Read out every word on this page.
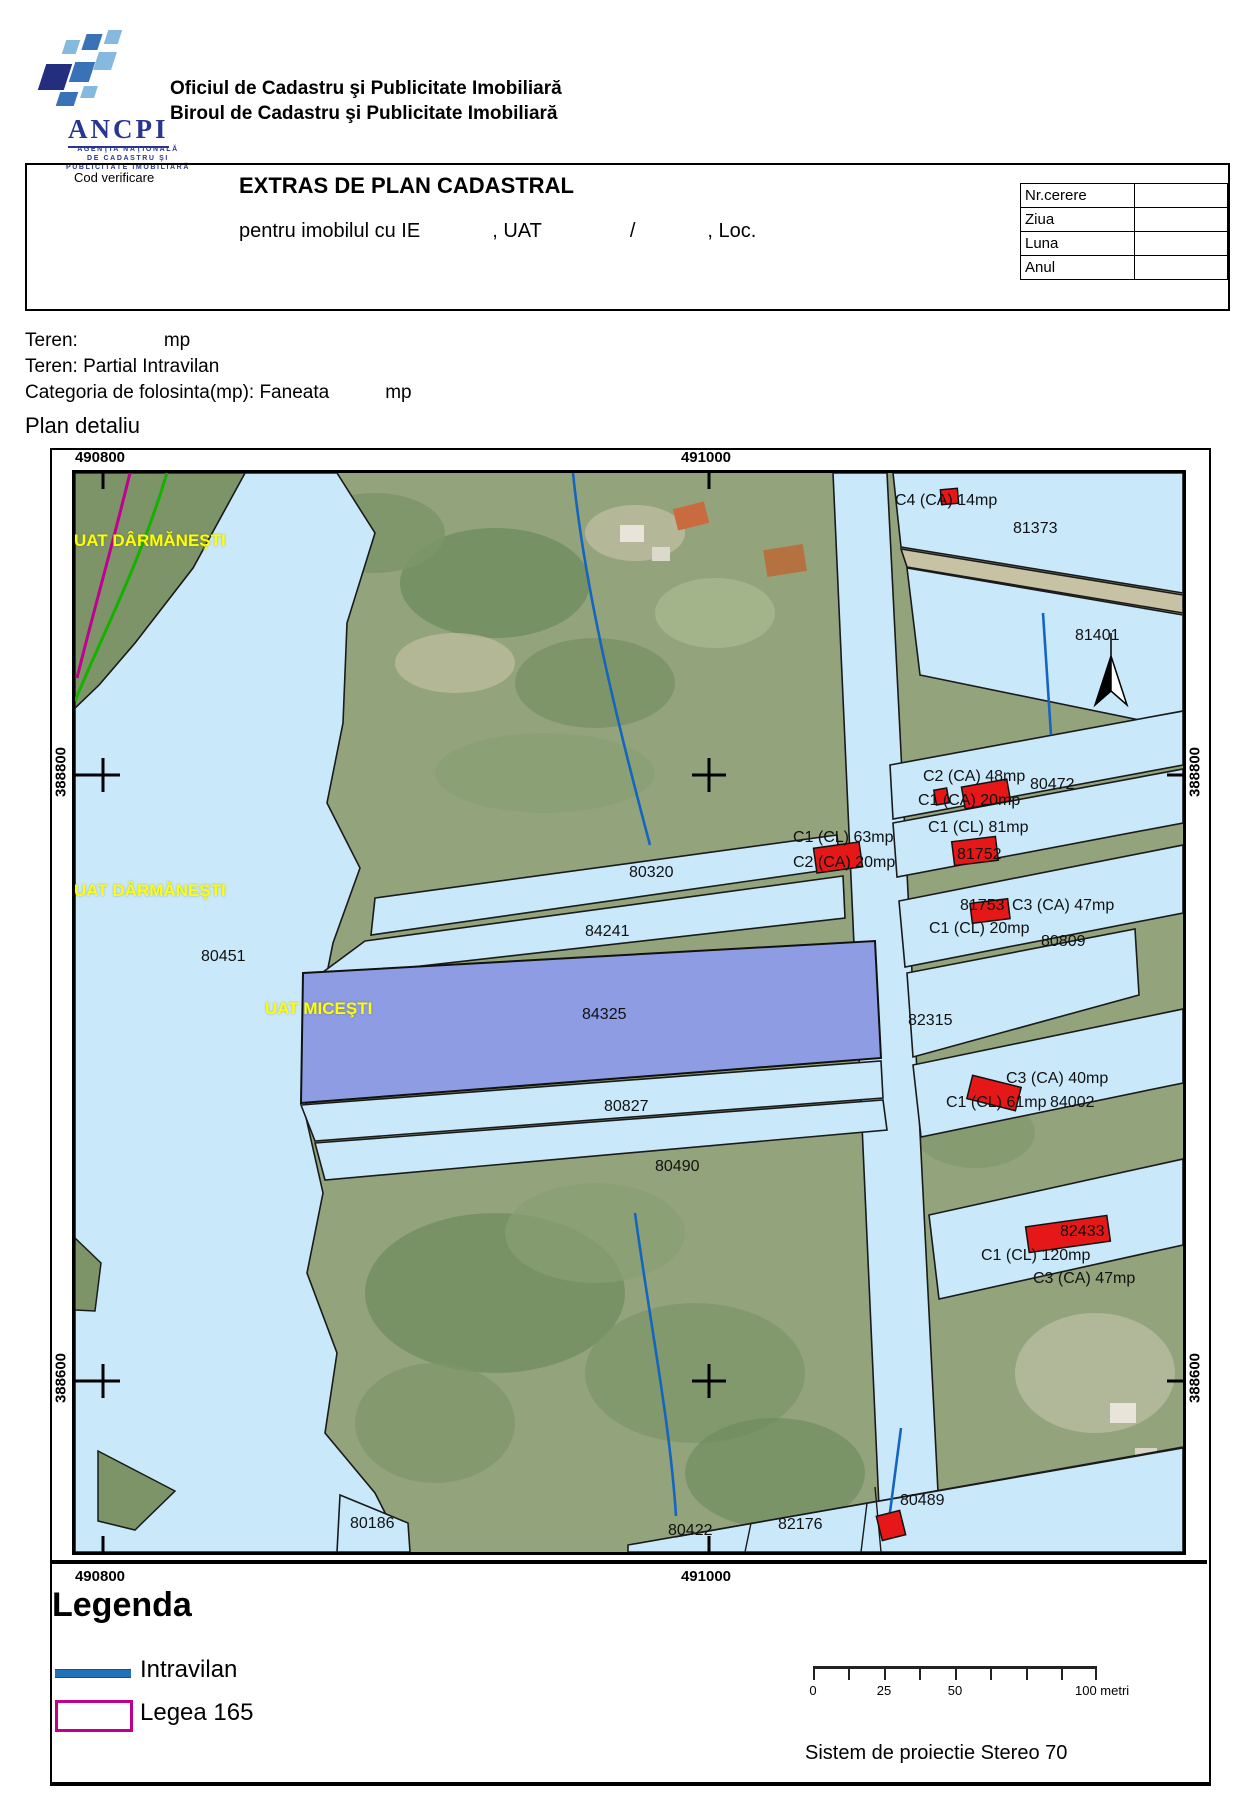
ANCPI
AGENŢIA NAŢIONALĂ
DE CADASTRU ŞI
PUBLICITATE IMOBILIARĂ
Oficiul de Cadastru şi Publicitate Imobiliară
Biroul de Cadastru şi Publicitate Imobiliară
Cod verificare	EXTRAS DE PLAN CADASTRAL
pentru imobilul cu IE	, UAT	/	, Loc.
Nr.cerere	
Ziua	
Luna	
Anul	
Teren:	mp
Teren: Partial Intravilan
Categoria de folosinta(mp): Faneata	mp
Plan detaliu
490800	491000
490800	491000
388800
388600
388800
388600
UAT DÂRMĂNEŞTI
UAT DÂRMĂNEŞTI
UAT MICEŞTI
80451
80320
84241
84325
80827
80490
82315
81373
81401
C4 (CA) 14mp
C2 (CA) 48mp 80472
C1 (CA) 20mp
C1 (CL) 81mp
81752
C1 (CL) 63mp
C2 (CA) 20mp
81753 C3 (CA) 47mp
C1 (CL) 20mp
80809
C3 (CA) 40mp
C1 (CL) 61mp 84002
82433
C1 (CL) 120mp
C3 (CA) 47mp
80186	80422	82176
80489
Legenda
Intravilan
Legea 165
0	25	50	100 metri
Sistem de proiectie Stereo 70
